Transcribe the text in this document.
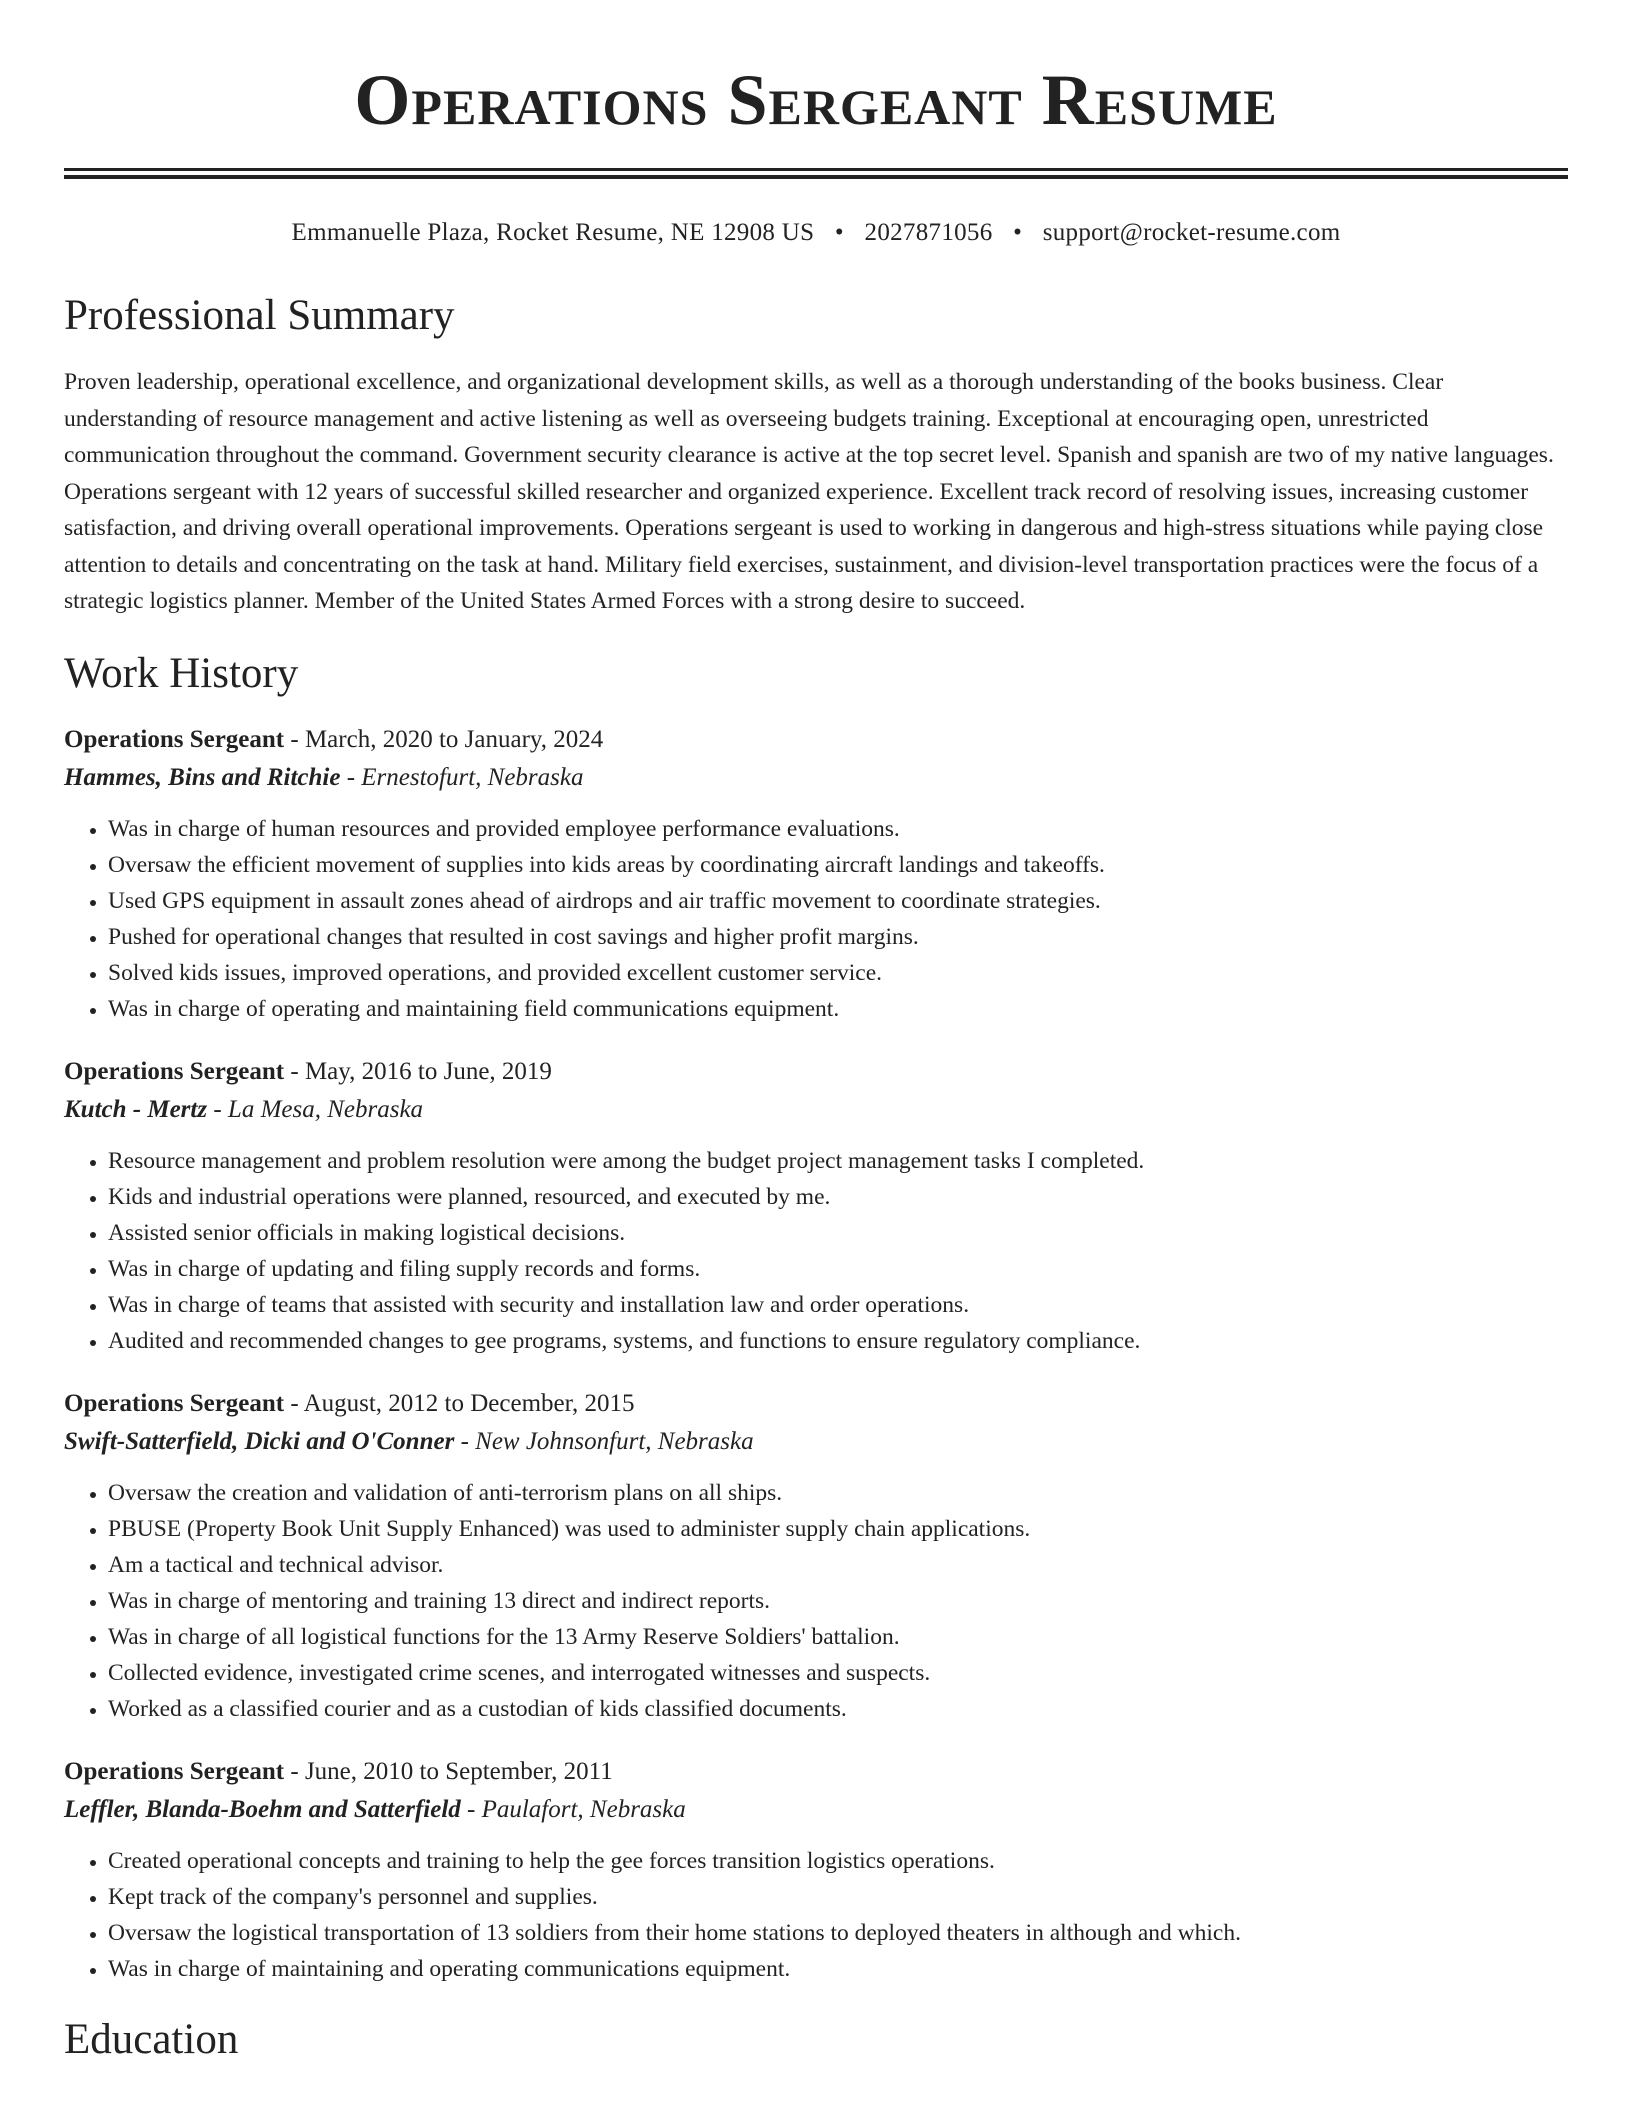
Operations Sergeant Resume
Emmanuelle Plaza, Rocket Resume, NE 12908 US • 2027871056 • support@rocket-resume.com
Professional Summary

Proven leadership, operational excellence, and organizational development skills, as well as a thorough understanding of the books business. Clear understanding of resource management and active listening as well as overseeing budgets training. Exceptional at encouraging open, unrestricted communication throughout the command. Government security clearance is active at the top secret level. Spanish and spanish are two of my native languages. Operations sergeant with 12 years of successful skilled researcher and organized experience. Excellent track record of resolving issues, increasing customer satisfaction, and driving overall operational improvements. Operations sergeant is used to working in dangerous and high-stress situations while paying close attention to details and concentrating on the task at hand. Military field exercises, sustainment, and division-level transportation practices were the focus of a strategic logistics planner. Member of the United States Armed Forces with a strong desire to succeed.

Work History
Operations Sergeant - March, 2020 to January, 2024
Hammes, Bins and Ritchie - Ernestofurt, Nebraska
• Was in charge of human resources and provided employee performance evaluations.
• Oversaw the efficient movement of supplies into kids areas by coordinating aircraft landings and takeoffs.
• Used GPS equipment in assault zones ahead of airdrops and air traffic movement to coordinate strategies.
• Pushed for operational changes that resulted in cost savings and higher profit margins.
• Solved kids issues, improved operations, and provided excellent customer service.
• Was in charge of operating and maintaining field communications equipment.
Operations Sergeant - May, 2016 to June, 2019
Kutch - Mertz - La Mesa, Nebraska
• Resource management and problem resolution were among the budget project management tasks I completed.
• Kids and industrial operations were planned, resourced, and executed by me.
• Assisted senior officials in making logistical decisions.
• Was in charge of updating and filing supply records and forms.
• Was in charge of teams that assisted with security and installation law and order operations.
• Audited and recommended changes to gee programs, systems, and functions to ensure regulatory compliance.
Operations Sergeant - August, 2012 to December, 2015
Swift-Satterfield, Dicki and O'Conner - New Johnsonfurt, Nebraska
• Oversaw the creation and validation of anti-terrorism plans on all ships.
• PBUSE (Property Book Unit Supply Enhanced) was used to administer supply chain applications.
• Am a tactical and technical advisor.
• Was in charge of mentoring and training 13 direct and indirect reports.
• Was in charge of all logistical functions for the 13 Army Reserve Soldiers' battalion.
• Collected evidence, investigated crime scenes, and interrogated witnesses and suspects.
• Worked as a classified courier and as a custodian of kids classified documents.
Operations Sergeant - June, 2010 to September, 2011
Leffler, Blanda-Boehm and Satterfield - Paulafort, Nebraska
• Created operational concepts and training to help the gee forces transition logistics operations.
• Kept track of the company's personnel and supplies.
• Oversaw the logistical transportation of 13 soldiers from their home stations to deployed theaters in although and which.
• Was in charge of maintaining and operating communications equipment.
Education
